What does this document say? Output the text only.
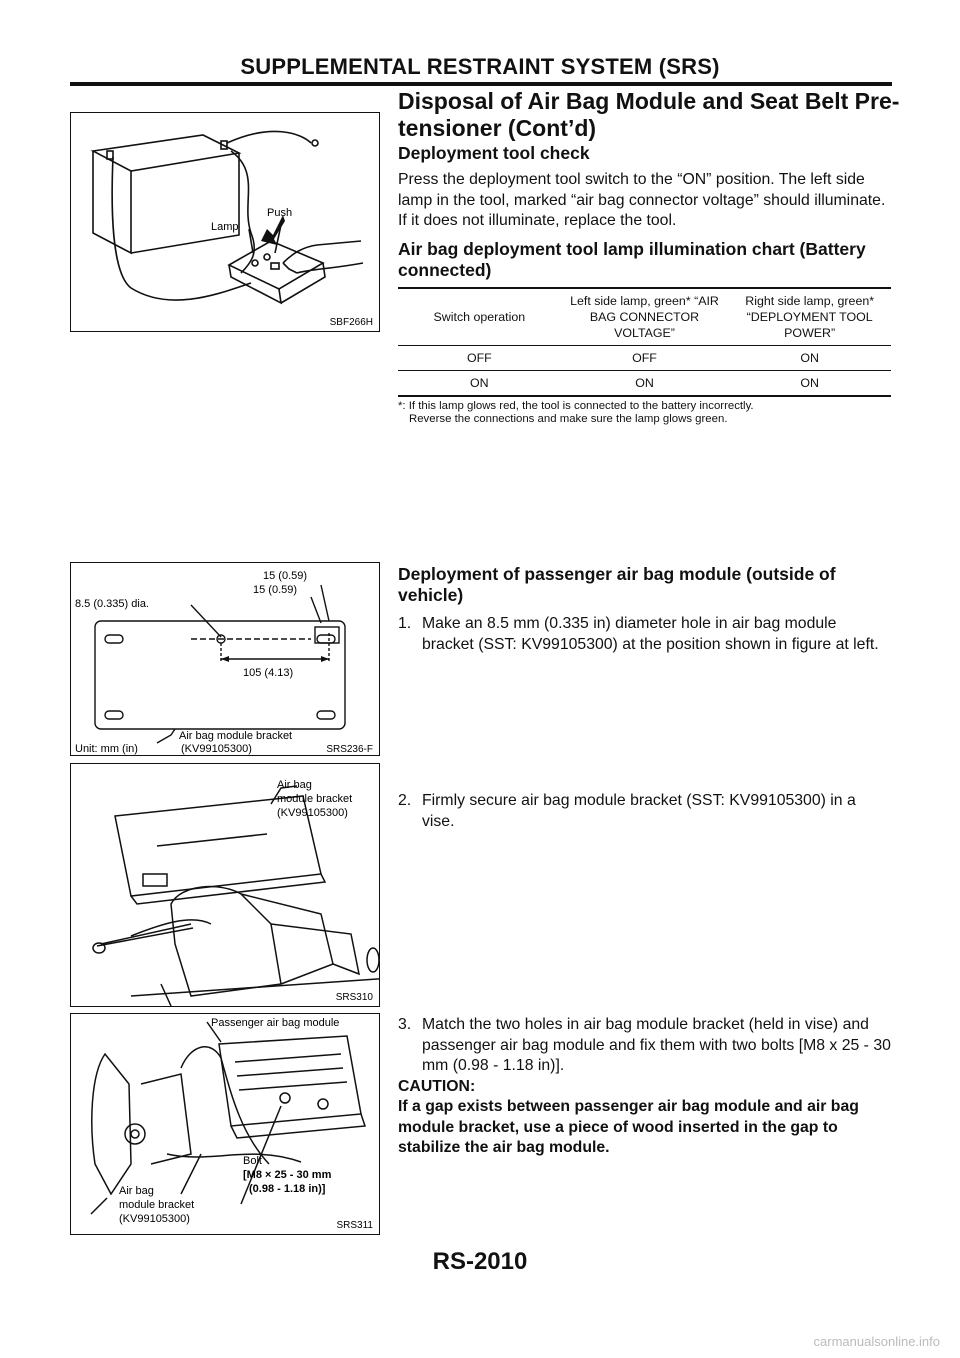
SUPPLEMENTAL RESTRAINT SYSTEM (SRS)
Disposal of Air Bag Module and Seat Belt Pre-tensioner (Cont’d)
Lamp
Push
SBF266H
Deployment tool check

Press the deployment tool switch to the “ON” position. The left side lamp in the tool, marked “air bag connector voltage” should illuminate. If it does not illuminate, replace the tool.

Air bag deployment tool lamp illumination chart (Battery connected)
Switch operation	Left side lamp, green* “AIR BAG CONNECTOR VOLTAGE”	Right side lamp, green* “DEPLOYMENT TOOL POWER”
OFF	OFF	ON
ON	ON	ON
*: If this lamp glows red, the tool is connected to the battery incorrectly.
Reverse the connections and make sure the lamp glows green.
8.5 (0.335) dia.
15 (0.59)
15 (0.59)
105 (4.13)
Air bag module bracket
(KV99105300)
Unit: mm (in)	SRS236-F
Deployment of passenger air bag module (outside of vehicle)
1. Make an 8.5 mm (0.335 in) diameter hole in air bag module bracket (SST: KV99105300) at the position shown in figure at left.
Air bag
module bracket
(KV99105300)
SRS310
2. Firmly secure air bag module bracket (SST: KV99105300) in a vise.
Passenger air bag module
Bolt
[M8 × 25 - 30 mm
(0.98 - 1.18 in)]
Air bag
module bracket
(KV99105300)
SRS311
3. Match the two holes in air bag module bracket (held in vise) and passenger air bag module and fix them with two bolts [M8 x 25 - 30 mm (0.98 - 1.18 in)].
CAUTION:
If a gap exists between passenger air bag module and air bag module bracket, use a piece of wood inserted in the gap to stabilize the air bag module.
RS-2010
carmanualsonline.info
